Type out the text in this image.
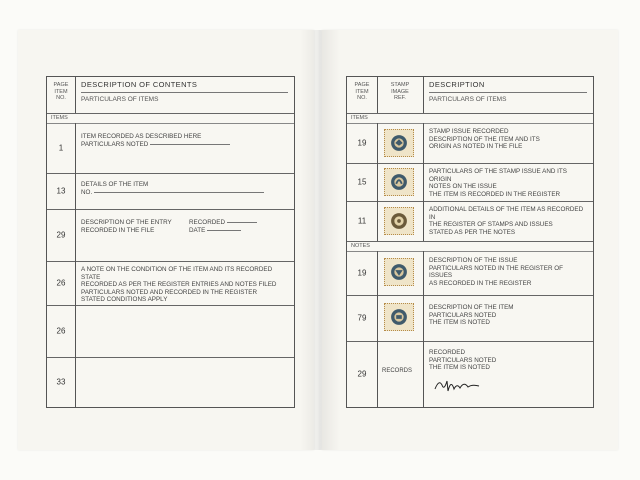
PAGE
ITEM
NO.
DESCRIPTION OF CONTENTS
PARTICULARS OF ITEMS
ITEMS
1
ITEM RECORDED AS DESCRIBED HERE
PARTICULARS NOTED
13
DETAILS OF THE ITEM
NO.
29
DESCRIPTION OF THE ENTRY
RECORDED IN THE FILE
RECORDED
DATE
26
A NOTE ON THE CONDITION OF THE ITEM AND ITS RECORDED STATE
RECORDED AS PER THE REGISTER ENTRIES AND NOTES FILED
PARTICULARS NOTED AND RECORDED IN THE REGISTER
STATED CONDITIONS APPLY
26
33
PAGE
ITEM
NO.
STAMP
IMAGE
REF.
DESCRIPTION
PARTICULARS OF ITEMS
ITEMS
19
STAMP ISSUE RECORDED
DESCRIPTION OF THE ITEM AND ITS
ORIGIN AS NOTED IN THE FILE
15
PARTICULARS OF THE STAMP ISSUE AND ITS ORIGIN
NOTES ON THE ISSUE
THE ITEM IS RECORDED IN THE REGISTER
11
ADDITIONAL DETAILS OF THE ITEM AS RECORDED IN
THE REGISTER OF STAMPS AND ISSUES
STATED AS PER THE NOTES
NOTES
19
DESCRIPTION OF THE ISSUE
PARTICULARS NOTED IN THE REGISTER OF ISSUES
AS RECORDED IN THE REGISTER
79
DESCRIPTION OF THE ITEM
PARTICULARS NOTED
THE ITEM IS NOTED
29	RECORDS
RECORDED
PARTICULARS NOTED
THE ITEM IS NOTED
